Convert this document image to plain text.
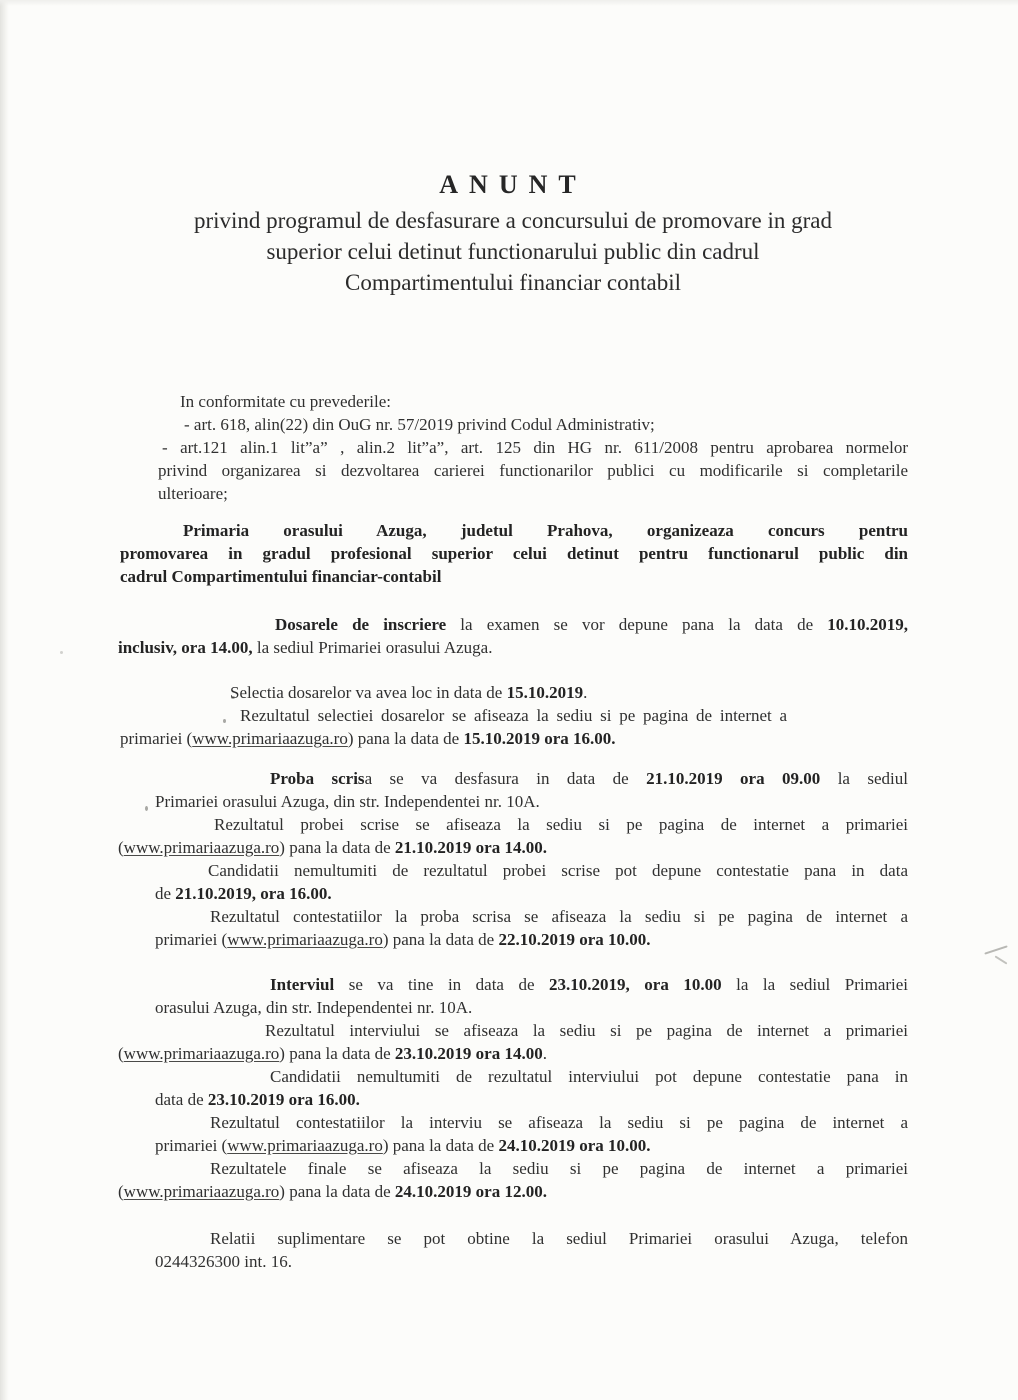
ANUNT
privind programul de desfasurare a concursului de promovare in grad
superior celui detinut functionarului public din cadrul
Compartimentului financiar contabil
In conformitate cu prevederile:
- art. 618, alin(22) din OuG nr. 57/2019 privind Codul Administrativ;
- art.121 alin.1 lit”a” , alin.2 lit”a”, art. 125 din HG nr. 611/2008 pentru aprobarea normelor
privind organizarea si dezvoltarea carierei functionarilor publici cu modificarile si completarile
ulterioare;
Primaria orasului Azuga, judetul Prahova, organizeaza concurs pentru
promovarea in gradul profesional superior celui detinut pentru functionarul public din
cadrul Compartimentului financiar-contabil
Dosarele de inscriere la examen se vor depune pana la data de 10.10.2019,
inclusiv, ora 14.00, la sediul Primariei orasului Azuga.
Selectia dosarelor va avea loc in data de 15.10.2019.
Rezultatul selectiei dosarelor se afiseaza la sediu si pe pagina de internet a
primariei (www.primariaazuga.ro) pana la data de 15.10.2019 ora 16.00.
Proba scrisa se va desfasura in data de 21.10.2019 ora 09.00 la sediul
Primariei orasului Azuga, din str. Independentei nr. 10A.
Rezultatul probei scrise se afiseaza la sediu si pe pagina de internet a primariei
(www.primariaazuga.ro) pana la data de 21.10.2019 ora 14.00.
Candidatii nemultumiti de rezultatul probei scrise pot depune contestatie pana in data
de 21.10.2019, ora 16.00.
Rezultatul contestatiilor la proba scrisa se afiseaza la sediu si pe pagina de internet a
primariei (www.primariaazuga.ro) pana la data de 22.10.2019 ora 10.00.
Interviul se va tine in data de 23.10.2019, ora 10.00 la la sediul Primariei
orasului Azuga, din str. Independentei nr. 10A.
Rezultatul interviului se afiseaza la sediu si pe pagina de internet a primariei
(www.primariaazuga.ro) pana la data de 23.10.2019 ora 14.00.
Candidatii nemultumiti de rezultatul interviului pot depune contestatie pana in
data de 23.10.2019 ora 16.00.
Rezultatul contestatiilor la interviu se afiseaza la sediu si pe pagina de internet a
primariei (www.primariaazuga.ro) pana la data de 24.10.2019 ora 10.00.
Rezultatele finale se afiseaza la sediu si pe pagina de internet a primariei
(www.primariaazuga.ro) pana la data de 24.10.2019 ora 12.00.
Relatii suplimentare se pot obtine la sediul Primariei orasului Azuga, telefon
0244326300 int. 16.
